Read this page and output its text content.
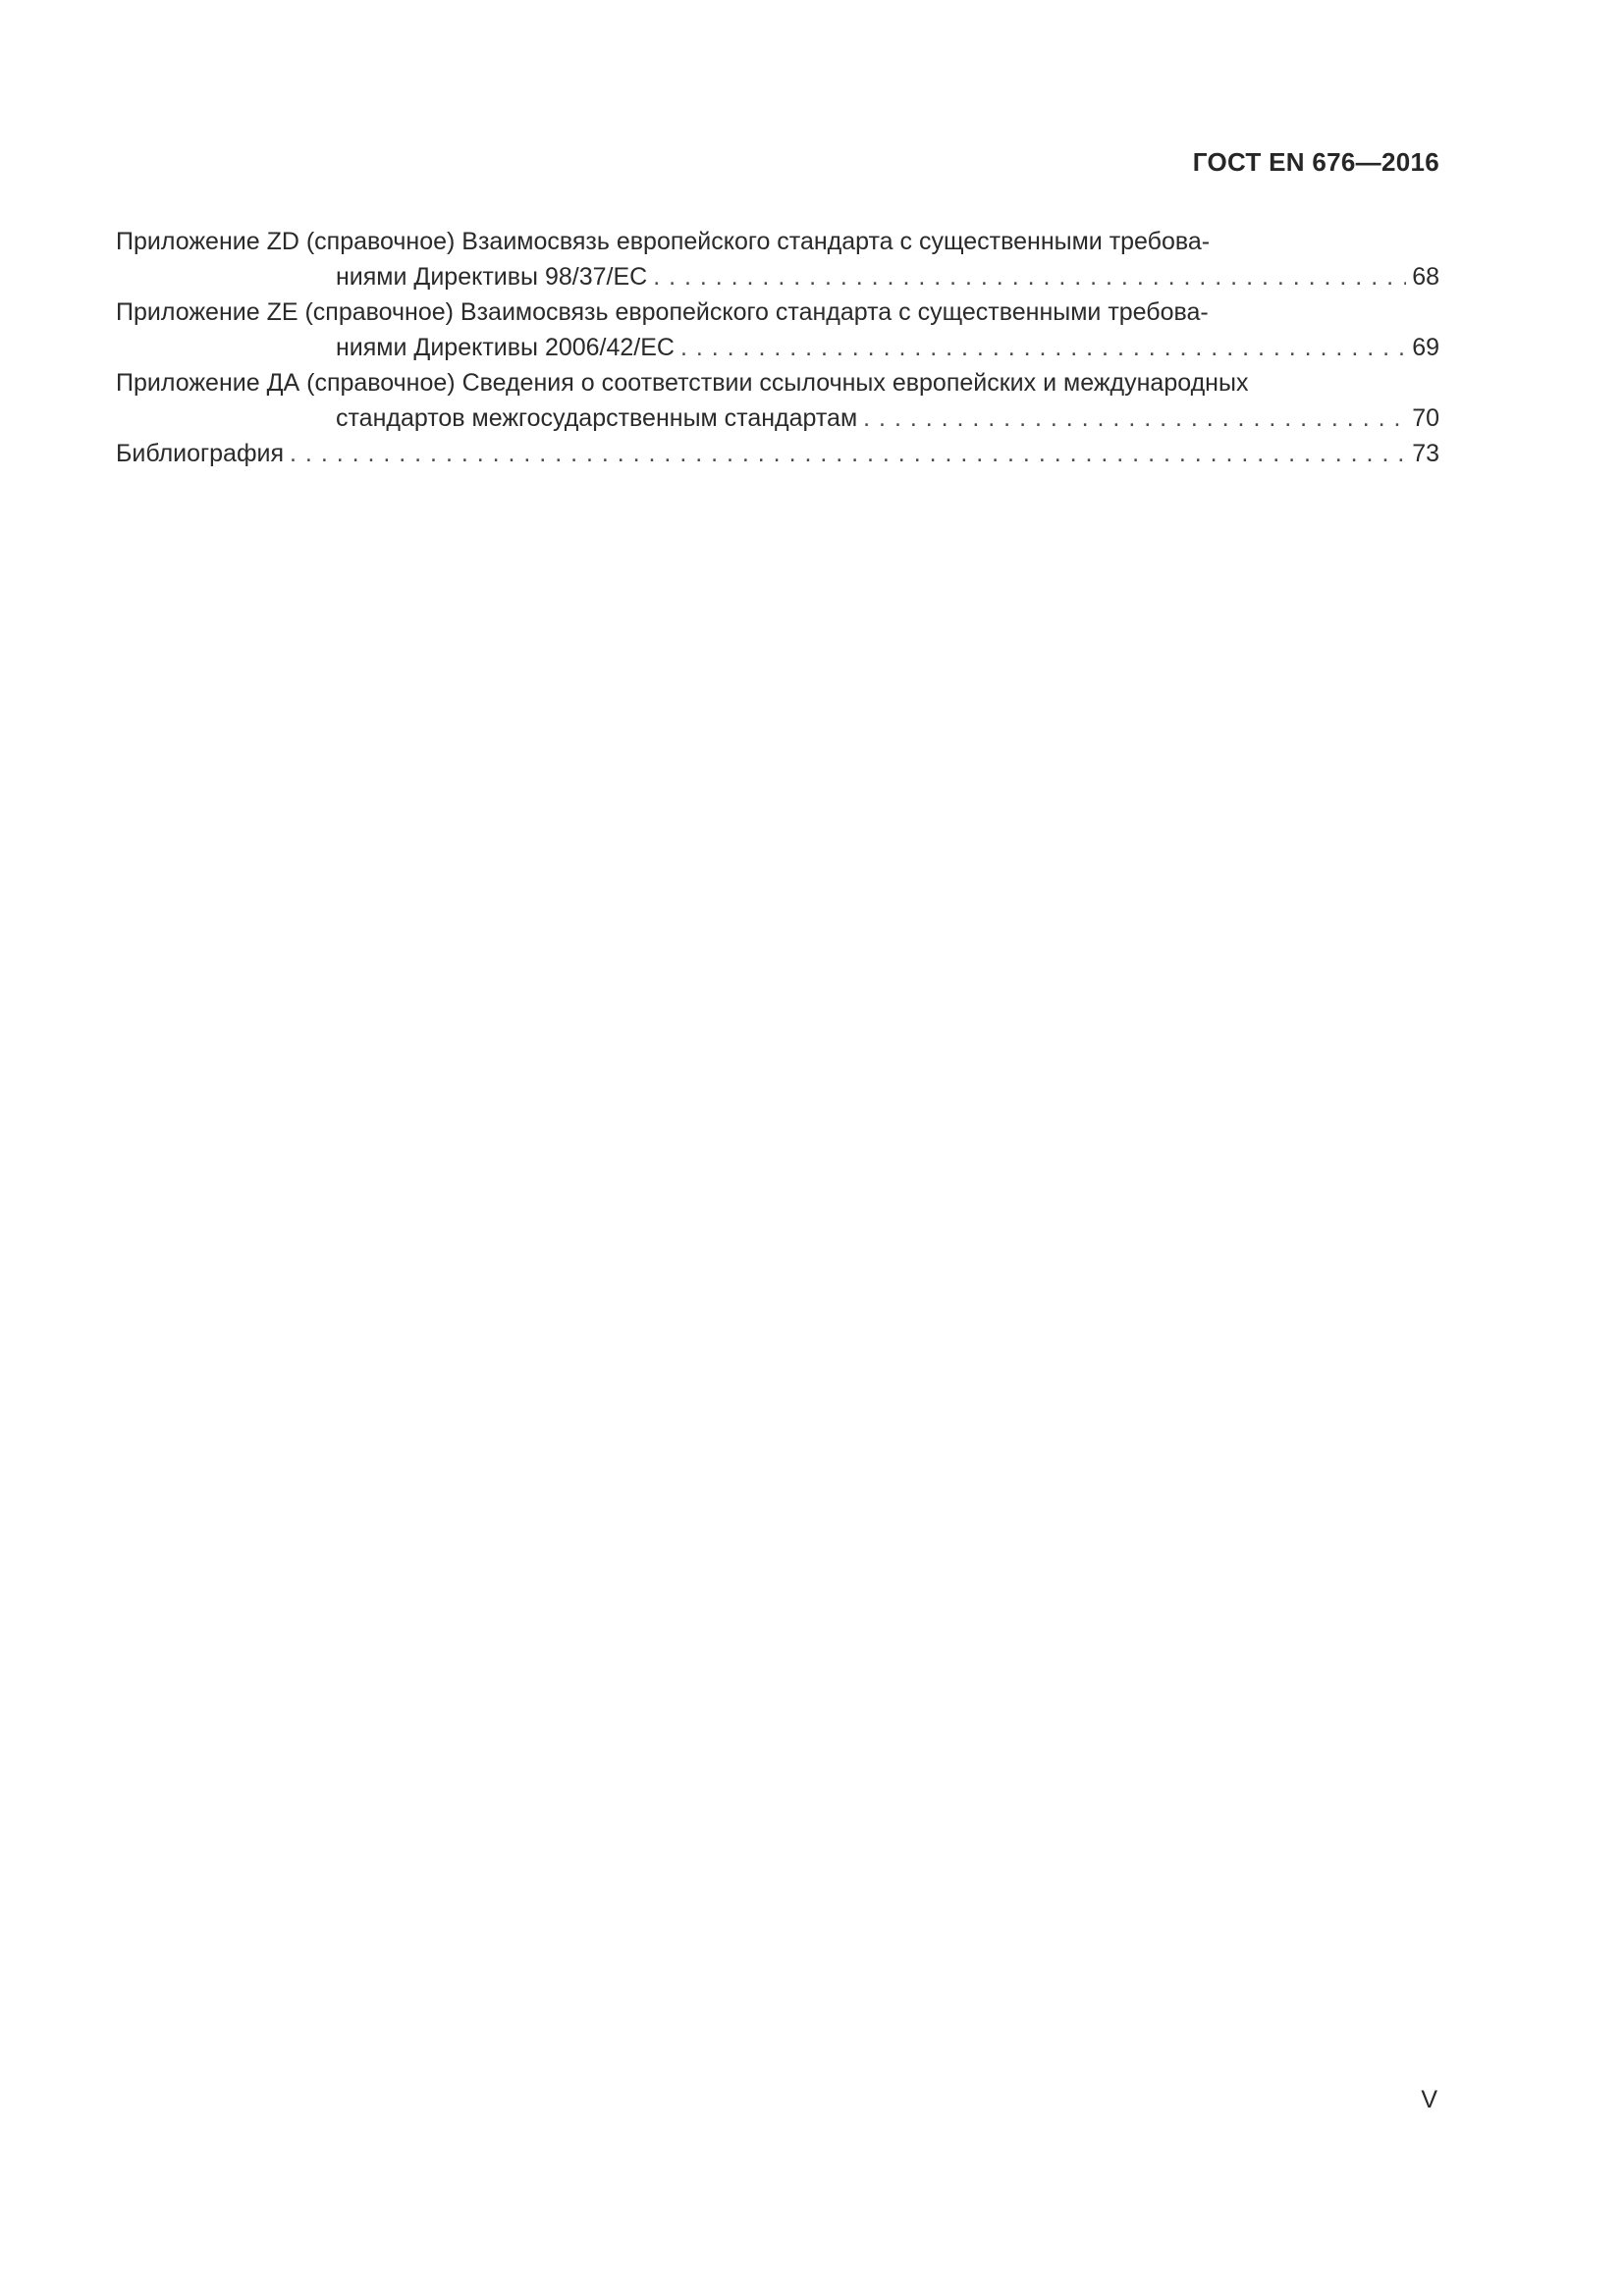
ГОСТ EN 676—2016
Приложение ZD (справочное) Взаимосвязь европейского стандарта с существенными требова-
ниями Директивы 98/37/EC . . .	68
Приложение ZE (справочное) Взаимосвязь европейского стандарта с существенными требова-
ниями Директивы 2006/42/EC . . .	69
Приложение ДА (справочное) Сведения о соответствии ссылочных европейских и международных
стандартов межгосударственным стандартам . . .	70
Библиография . . .	73
V
